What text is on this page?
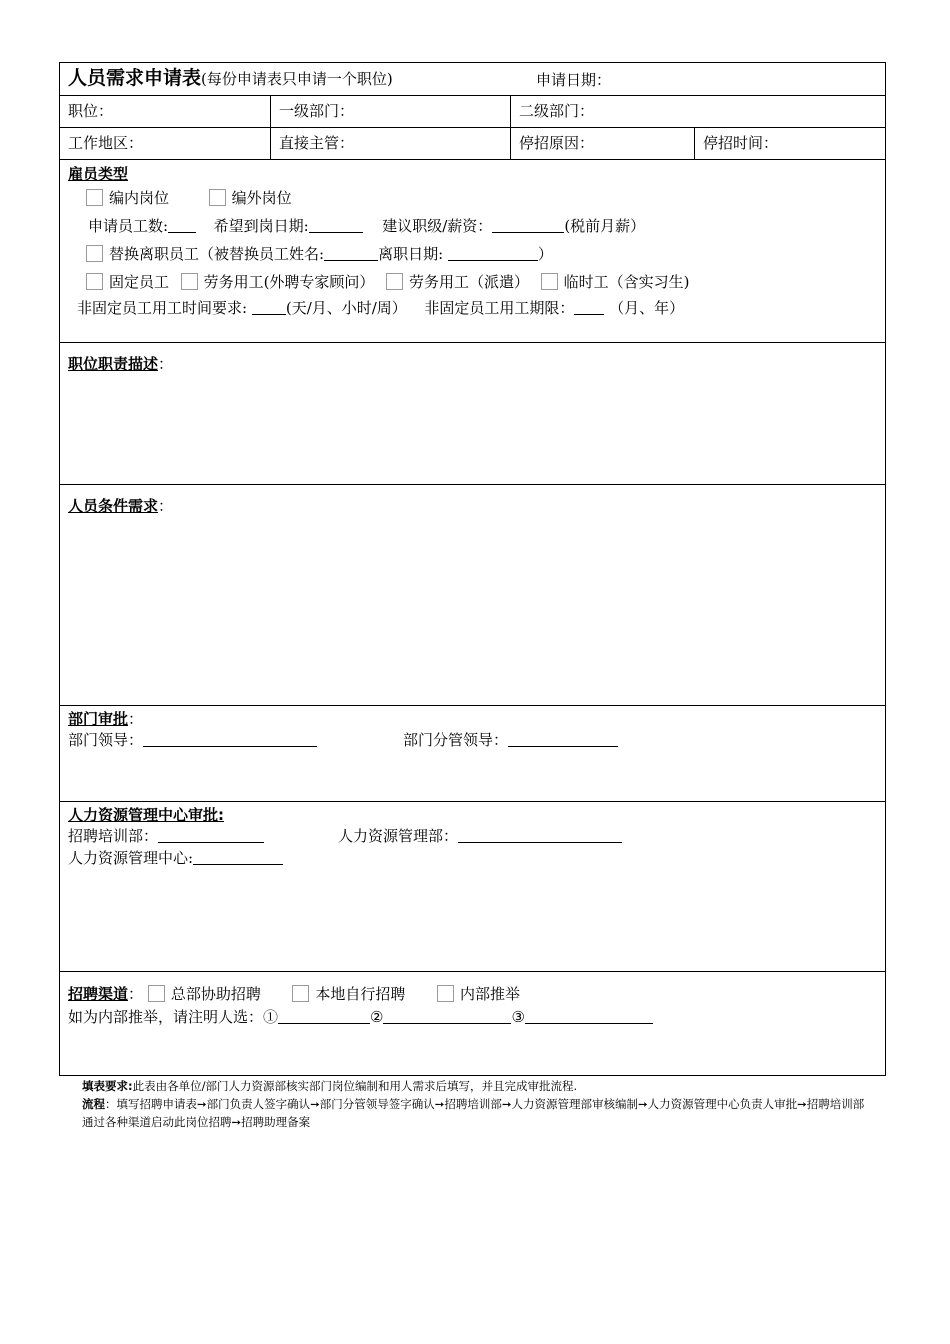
人员需求申请表(每份申请表只申请一个职位)	申请日期：
职位：	一级部门：	二级部门：
工作地区：	直接主管：	停招原因：	停招时间：
雇员类型
编内岗位	编外岗位
申请员工数:	希望到岗日期:	建议职级/薪资：	(税前月薪）
替换离职员工（被替换员工姓名:	离职日期:	）
固定员工 劳务用工(外聘专家顾问） 劳务用工（派遣） 临时工（含实习生)
非固定员工用工时间要求:	(天/月、小时/周） 非固定员工用工期限： （月、年）
职位职责描述：
人员条件需求：
部门审批：
部门领导：	部门分管领导：
人力资源管理中心审批:
招聘培训部：	人力资源管理部：
人力资源管理中心:
招聘渠道： 总部协助招聘	本地自行招聘	内部推举
如为内部推举，请注明人选：①	②	③
填表要求:此表由各单位/部门人力资源部核实部门岗位编制和用人需求后填写，并且完成审批流程.
流程：填写招聘申请表➙部门负责人签字确认➙部门分管领导签字确认➙招聘培训部➙人力资源管理部审核编制➙人力资源管理中心负责人审批➙招聘培训部通过各种渠道启动此岗位招聘➙招聘助理备案
